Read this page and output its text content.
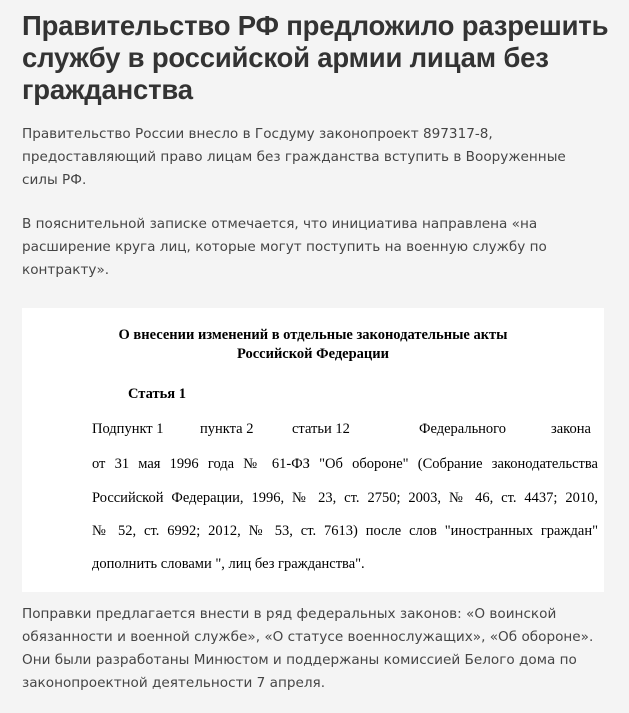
Правительство РФ предложило разрешить службу в российской армии лицам без гражданства

Правительство России внесло в Госдуму законопроект 897317-8, предоставляющий право лицам без гражданства вступить в Вооруженные силы РФ.

В пояснительной записке отмечается, что инициатива направлена «на расширение круга лиц, которые могут поступить на военную службу по контракту».

О внесении изменений в отдельные законодательные акты
Российской Федерации
Статья 1
Подпункт 1	пункта 2	статьи 12	Федерального	закона
от 31 мая 1996 года № 61-ФЗ "Об обороне" (Собрание законодательства
Российской Федерации, 1996, № 23, ст. 2750; 2003, № 46, ст. 4437; 2010,
№ 52, ст. 6992; 2012, № 53, ст. 7613) после слов "иностранных граждан"
дополнить словами ", лиц без гражданства".

Поправки предлагается внести в ряд федеральных законов: «О воинской обязанности и военной службе», «О статусе военнослужащих», «Об обороне». Они были разработаны Минюстом и поддержаны комиссией Белого дома по законопроектной деятельности 7 апреля.
